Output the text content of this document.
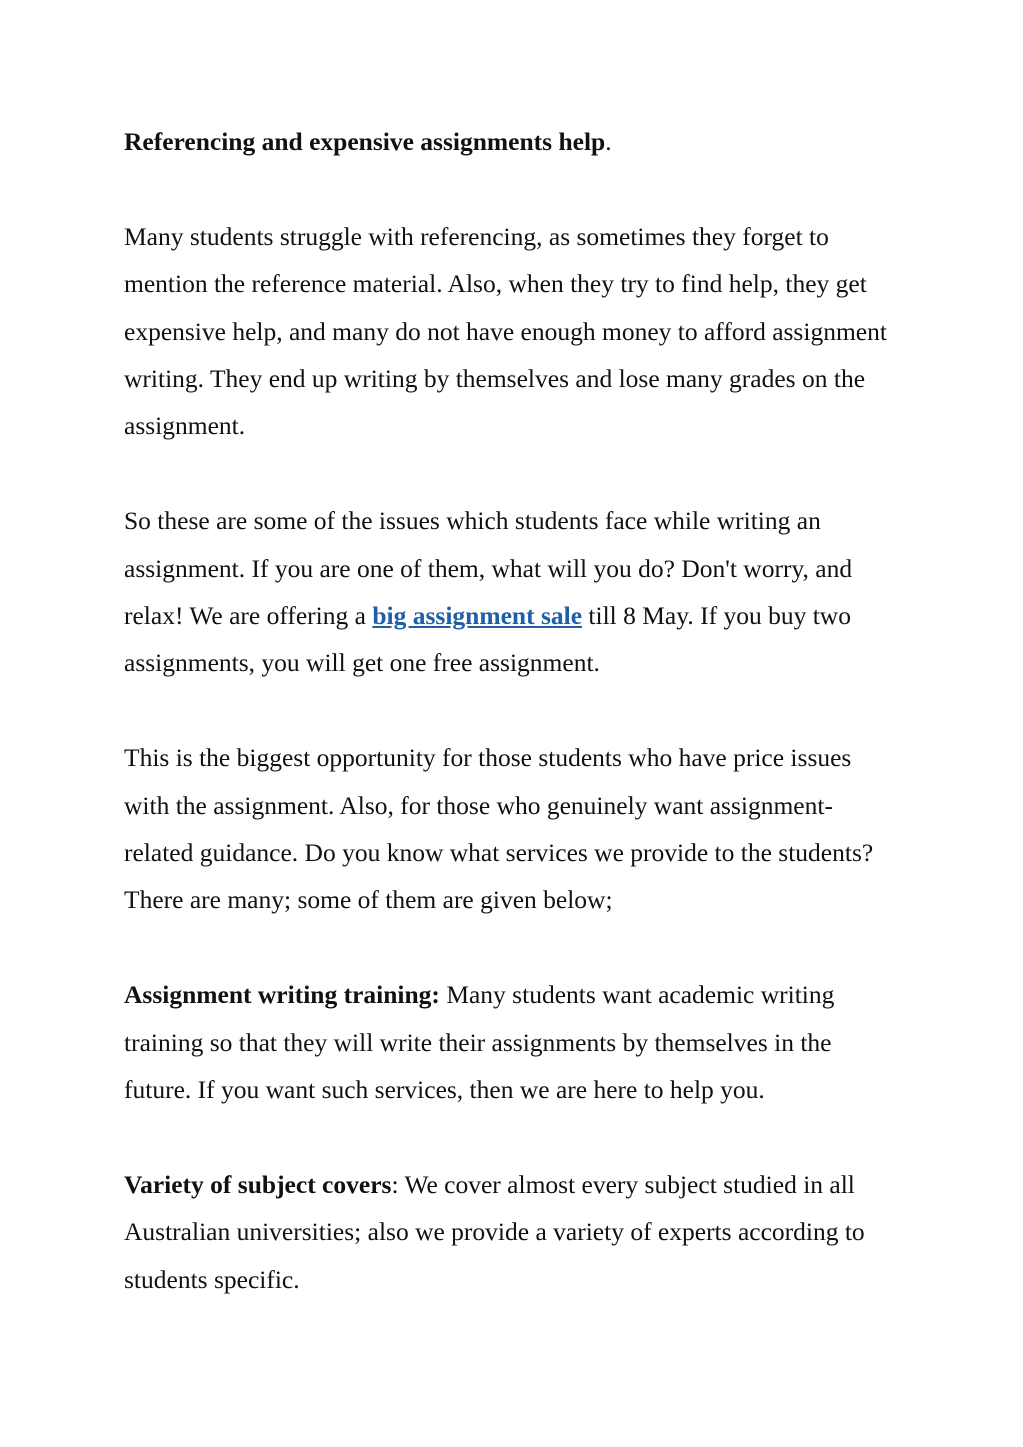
Referencing and expensive assignments help.

Many students struggle with referencing, as sometimes they forget to mention the reference material. Also, when they try to find help, they get expensive help, and many do not have enough money to afford assignment writing. They end up writing by themselves and lose many grades on the assignment.

So these are some of the issues which students face while writing an assignment. If you are one of them, what will you do? Don't worry, and relax! We are offering a big assignment sale till 8 May. If you buy two assignments, you will get one free assignment.

This is the biggest opportunity for those students who have price issues with the assignment. Also, for those who genuinely want assignment-related guidance. Do you know what services we provide to the students? There are many; some of them are given below;

Assignment writing training: Many students want academic writing training so that they will write their assignments by themselves in the future. If you want such services, then we are here to help you.

Variety of subject covers: We cover almost every subject studied in all Australian universities; also we provide a variety of experts according to students specific.
